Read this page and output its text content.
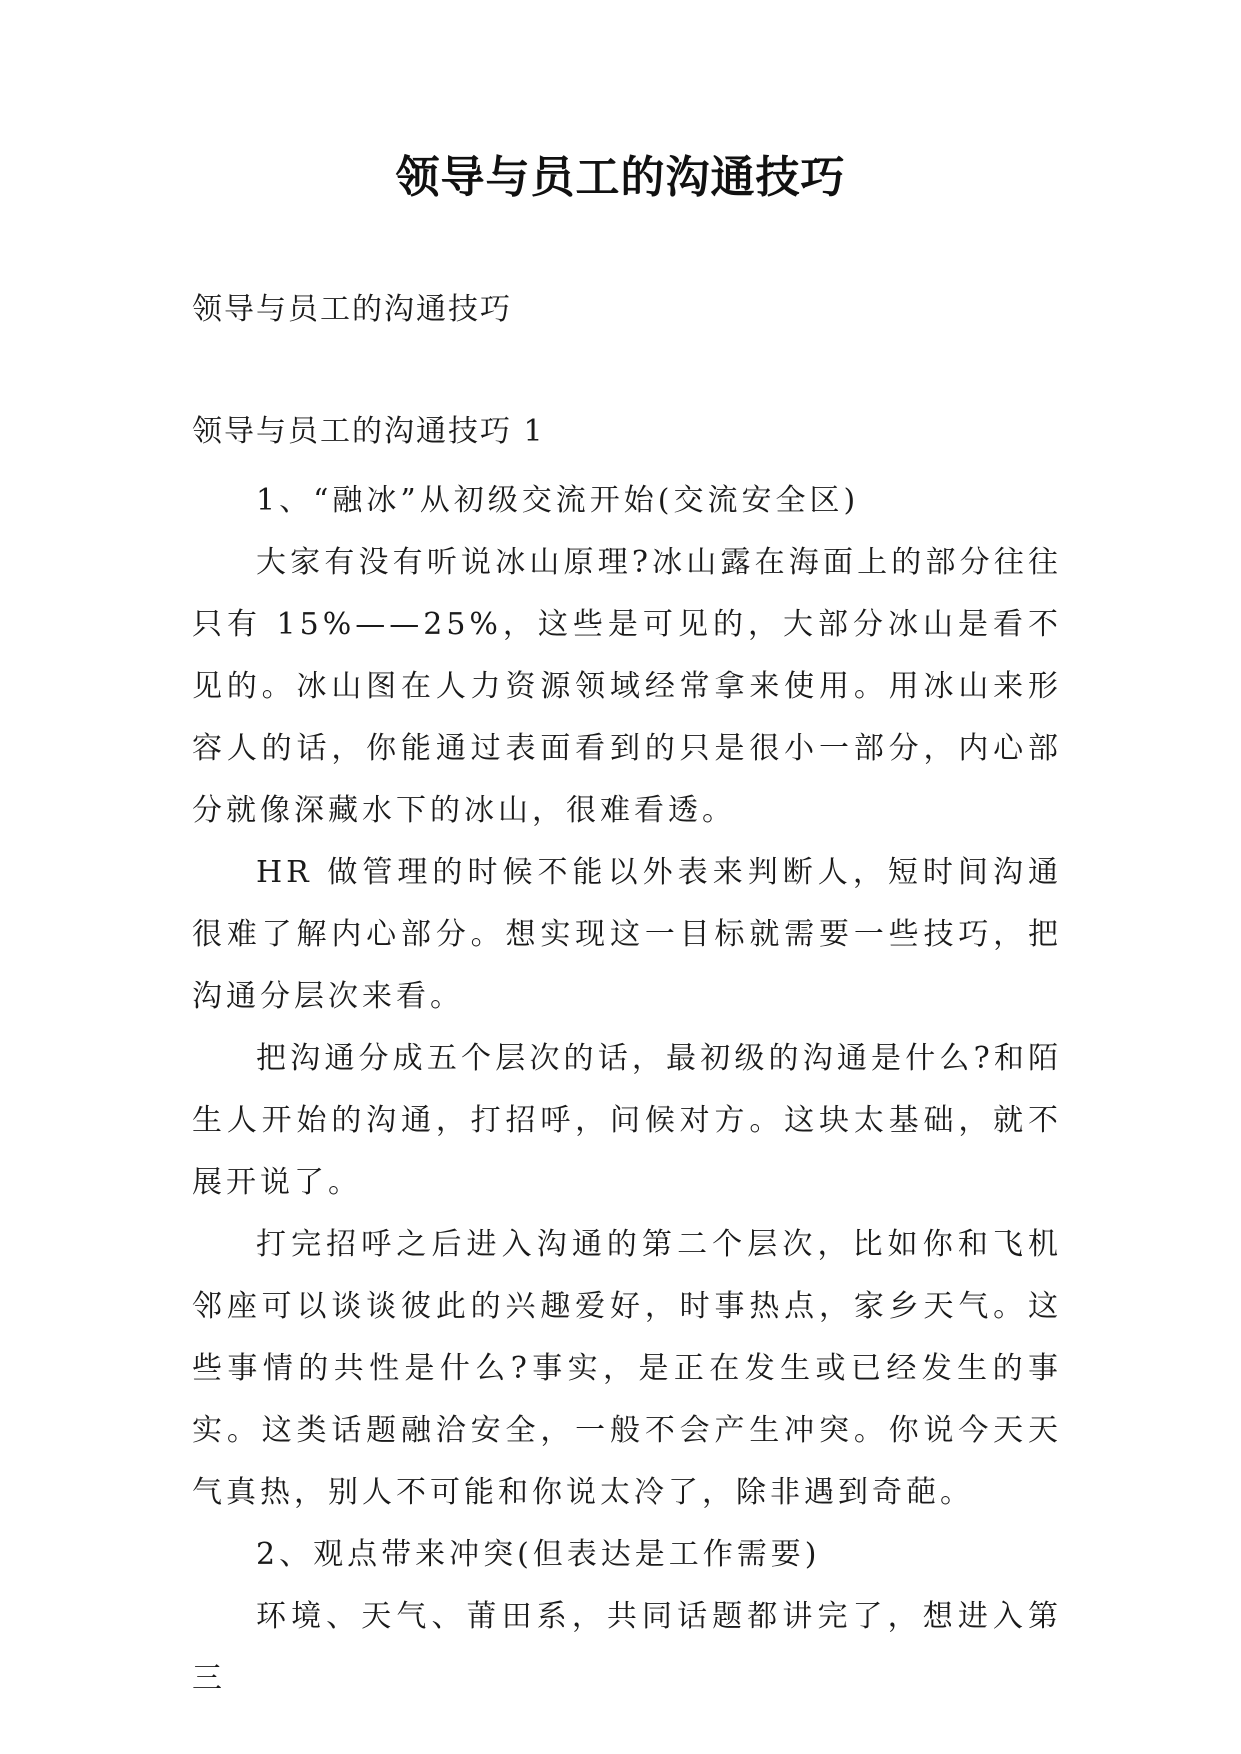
领导与员工的沟通技巧
领导与员工的沟通技巧
领导与员工的沟通技巧 1

1、“融冰”从初级交流开始(交流安全区)

大家有没有听说冰山原理?冰山露在海面上的部分往往只有 15%——25%，这些是可见的，大部分冰山是看不见的。冰山图在人力资源领域经常拿来使用。用冰山来形容人的话，你能通过表面看到的只是很小一部分，内心部分就像深藏水下的冰山，很难看透。

HR 做管理的时候不能以外表来判断人，短时间沟通很难了解内心部分。想实现这一目标就需要一些技巧，把沟通分层次来看。

把沟通分成五个层次的话，最初级的沟通是什么?和陌生人开始的沟通，打招呼，问候对方。这块太基础，就不展开说了。

打完招呼之后进入沟通的第二个层次，比如你和飞机邻座可以谈谈彼此的兴趣爱好，时事热点，家乡天气。这些事情的共性是什么?事实，是正在发生或已经发生的事实。这类话题融洽安全，一般不会产生冲突。你说今天天气真热，别人不可能和你说太冷了，除非遇到奇葩。

2、观点带来冲突(但表达是工作需要)

环境、天气、莆田系，共同话题都讲完了，想进入第三
